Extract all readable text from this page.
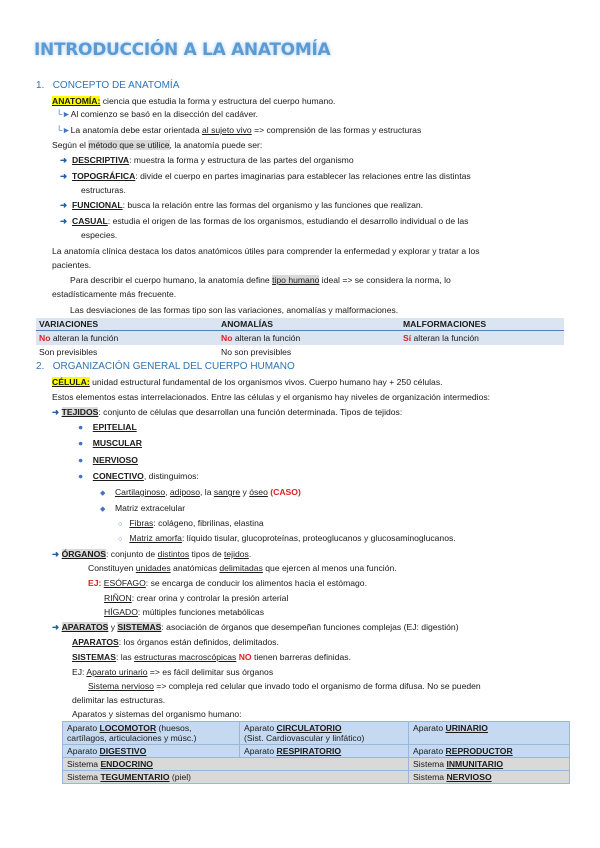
INTRODUCCIÓN A LA ANATOMÍA
1. CONCEPTO DE ANATOMÍA
ANATOMÍA: ciencia que estudia la forma y estructura del cuerpo humano.
└►Al comienzo se basó en la disección del cadáver.
└►La anatomía debe estar orientada al sujeto vivo => comprensión de las formas y estructuras
Según el método que se utilice, la anatomía puede ser:
➜ DESCRIPTIVA: muestra la forma y estructura de las partes del organismo
➜ TOPOGRÁFICA: divide el cuerpo en partes imaginarias para establecer las relaciones entre las distintas
estructuras.
➜ FUNCIONAL: busca la relación entre las formas del organismo y las funciones que realizan.
➜ CASUAL: estudia el origen de las formas de los organismos, estudiando el desarrollo individual o de las
especies.
La anatomía clínica destaca los datos anatómicos útiles para comprender la enfermedad y explorar y tratar a los
pacientes.
Para describir el cuerpo humano, la anatomía define tipo humano ideal => se considera la norma, lo
estadísticamente más frecuente.
Las desviaciones de las formas tipo son las variaciones, anomalías y malformaciones.
VARIACIONES	ANOMALÍAS	MALFORMACIONES
No alteran la función	No alteran la función	Sí alteran la función
Son previsibles	No son previsibles	
2. ORGANIZACIÓN GENERAL DEL CUERPO HUMANO
CÉLULA: unidad estructural fundamental de los organismos vivos. Cuerpo humano hay + 250 células.
Estos elementos estas interrelacionados. Entre las células y el organismo hay niveles de organización intermedios:
➜ TEJIDOS: conjunto de células que desarrollan una función determinada. Tipos de tejidos:
● EPITELIAL
● MUSCULAR
● NERVIOSO
● CONECTIVO, distinguimos:
◆ Cartilaginoso, adiposo, la sangre y óseo (CASO)
◆ Matriz extracelular
○ Fibras: colágeno, fibrilinas, elastina
○ Matriz amorfa: líquido tisular, glucoproteínas, proteoglucanos y glucosaminoglucanos.
➜ ÓRGANOS: conjunto de distintos tipos de tejidos.
Constituyen unidades anatómicas delimitadas que ejercen al menos una función.
EJ: ESÓFAGO: se encarga de conducir los alimentos hacia el estómago.
RIÑON: crear orina y controlar la presión arterial
HÍGADO: múltiples funciones metabólicas
➜ APARATOS y SISTEMAS: asociación de órganos que desempeñan funciones complejas (EJ: digestión)
APARATOS: los órganos están definidos, delimitados.
SISTEMAS: las estructuras macroscópicas NO tienen barreras definidas.
EJ: Aparato urinario => es fácil delimitar sus órganos
Sistema nervioso => compleja red celular que invado todo el organismo de forma difusa. No se pueden
delimitar las estructuras.
Aparatos y sistemas del organismo humano:
Aparato LOCOMOTOR (huesos,
cartílagos, articulaciones y músc.)	Aparato CIRCULATORIO
(Sist. Cardiovascular y linfático)	Aparato URINARIO
Aparato DIGESTIVO	Aparato RESPIRATORIO	Aparato REPRODUCTOR
Sistema ENDOCRINO		Sistema INMUNITARIO
Sistema TEGUMENTARIO (piel)		Sistema NERVIOSO
